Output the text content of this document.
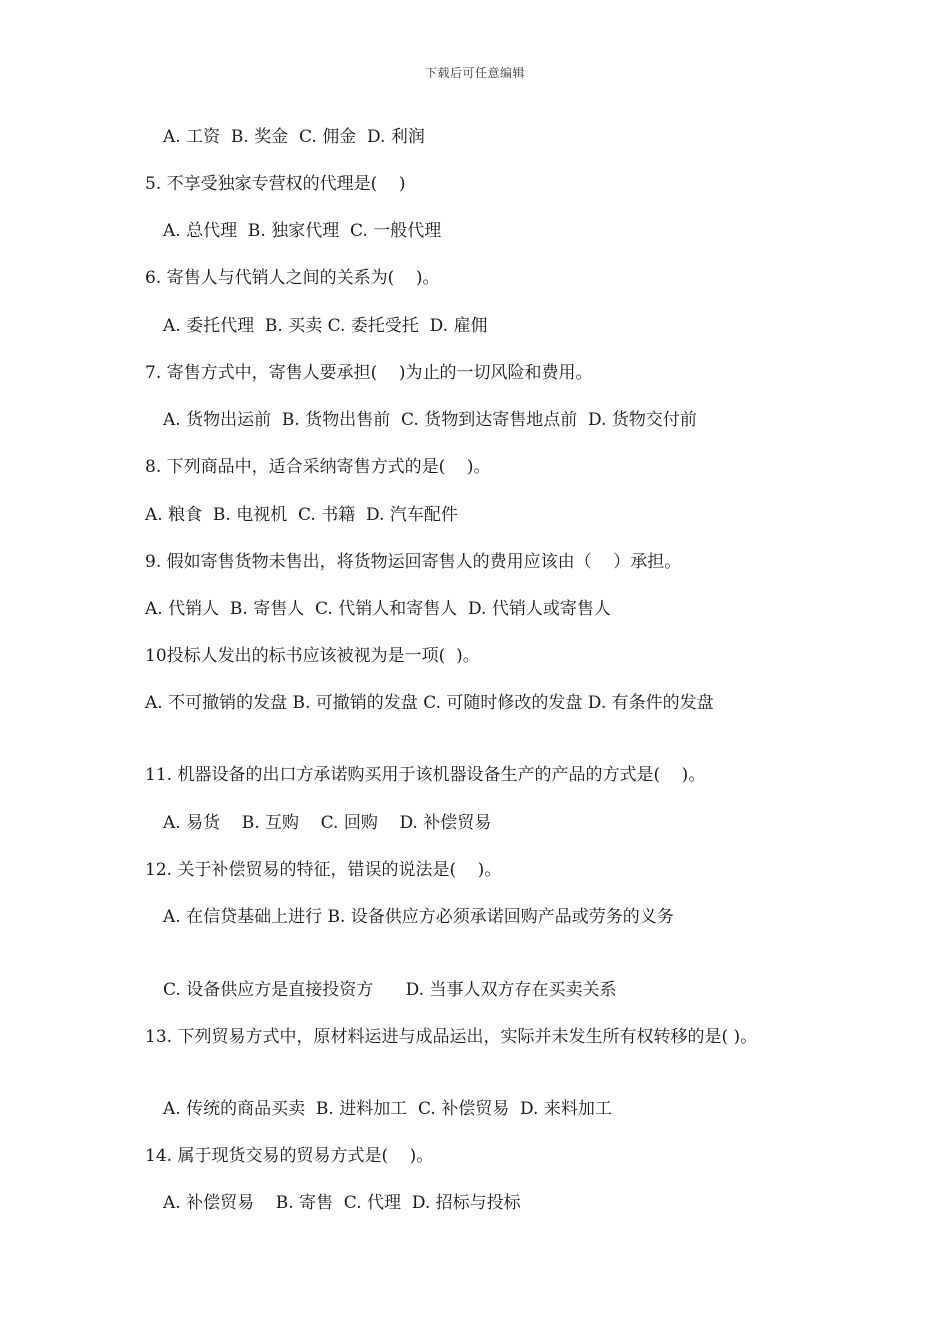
下载后可任意编辑
A. 工资  B. 奖金  C. 佣金  D. 利润
5. 不享受独家专营权的代理是(    )
A. 总代理  B. 独家代理  C. 一般代理
6. 寄售人与代销人之间的关系为(    )。
A. 委托代理  B. 买卖 C. 委托受托  D. 雇佣
7. 寄售方式中，寄售人要承担(    )为止的一切风险和费用。
A. 货物出运前  B. 货物出售前  C. 货物到达寄售地点前  D. 货物交付前
8. 下列商品中，适合采纳寄售方式的是(    )。
A. 粮食  B. 电视机  C. 书籍  D. 汽车配件
9. 假如寄售货物未售出，将货物运回寄售人的费用应该由（    ）承担。
A. 代销人  B. 寄售人  C. 代销人和寄售人  D. 代销人或寄售人
10投标人发出的标书应该被视为是一项(  )。
A. 不可撤销的发盘 B. 可撤销的发盘 C. 可随时修改的发盘 D. 有条件的发盘
11. 机器设备的出口方承诺购买用于该机器设备生产的产品的方式是(    )。
A. 易货    B. 互购    C. 回购    D. 补偿贸易
12. 关于补偿贸易的特征，错误的说法是(    )。
A. 在信贷基础上进行 B. 设备供应方必须承诺回购产品或劳务的义务
C. 设备供应方是直接投资方      D. 当事人双方存在买卖关系
13. 下列贸易方式中，原材料运进与成品运出，实际并未发生所有权转移的是( )。
A. 传统的商品买卖  B. 进料加工  C. 补偿贸易  D. 来料加工
14. 属于现货交易的贸易方式是(    )。
A. 补偿贸易    B. 寄售  C. 代理  D. 招标与投标
